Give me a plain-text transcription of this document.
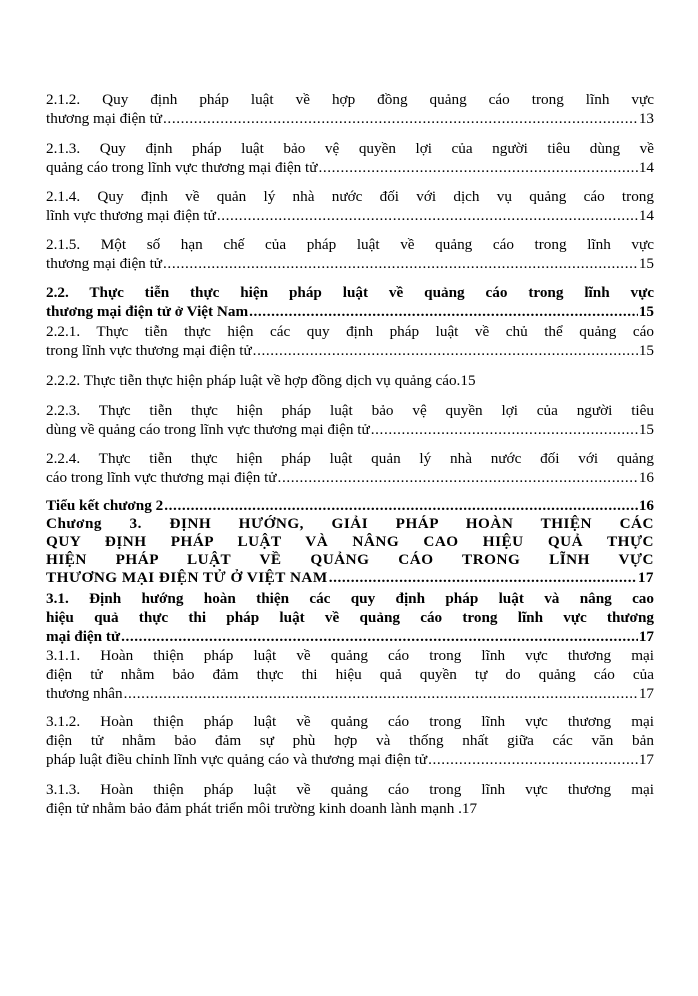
2.1.2. Quy định pháp luật về hợp đồng quảng cáo trong lĩnh vực
thương mại điện tử .....	13
2.1.3. Quy định pháp luật bảo vệ quyền lợi của người tiêu dùng về
quảng cáo trong lĩnh vực thương mại điện tử .....	14
2.1.4. Quy định về quản lý nhà nước đối với dịch vụ quảng cáo trong
lĩnh vực thương mại điện tử .....	14
2.1.5. Một số hạn chế của pháp luật về quảng cáo trong lĩnh vực
thương mại điện tử .....	15
2.2. Thực tiễn thực hiện pháp luật về quảng cáo trong lĩnh vực
thương mại điện tử ở Việt Nam .....	15
2.2.1. Thực tiễn thực hiện các quy định pháp luật về chủ thể quảng cáo
trong lĩnh vực thương mại điện tử .....	15
2.2.2. Thực tiễn thực hiện pháp luật về hợp đồng dịch vụ quảng cáo. 15
2.2.3. Thực tiễn thực hiện pháp luật bảo vệ quyền lợi của người tiêu
dùng về quảng cáo trong lĩnh vực thương mại điện tử .....	15
2.2.4. Thực tiễn thực hiện pháp luật quản lý nhà nước đối với quảng
cáo trong lĩnh vực thương mại điện tử .....	16
Tiểu kết chương 2 .....	16
Chương 3. ĐỊNH HƯỚNG, GIẢI PHÁP HOÀN THIỆN CÁC
QUY ĐỊNH PHÁP LUẬT VÀ NÂNG CAO HIỆU QUẢ THỰC
HIỆN PHÁP LUẬT VỀ QUẢNG CÁO TRONG LĨNH VỰC
THƯƠNG MẠI ĐIỆN TỬ Ở VIỆT NAM .....	17
3.1. Định hướng hoàn thiện các quy định pháp luật và nâng cao
hiệu quả thực thi pháp luật về quảng cáo trong lĩnh vực thương
mại điện tử .....	17
3.1.1. Hoàn thiện pháp luật về quảng cáo trong lĩnh vực thương mại
điện tử nhằm bảo đảm thực thi hiệu quả quyền tự do quảng cáo của
thương nhân .....	17
3.1.2. Hoàn thiện pháp luật về quảng cáo trong lĩnh vực thương mại
điện tử nhằm bảo đảm sự phù hợp và thống nhất giữa các văn bản
pháp luật điều chỉnh lĩnh vực quảng cáo và thương mại điện tử .....	17
3.1.3. Hoàn thiện pháp luật về quảng cáo trong lĩnh vực thương mại
điện tử nhằm bảo đảm phát triển môi trường kinh doanh lành mạnh . 17
